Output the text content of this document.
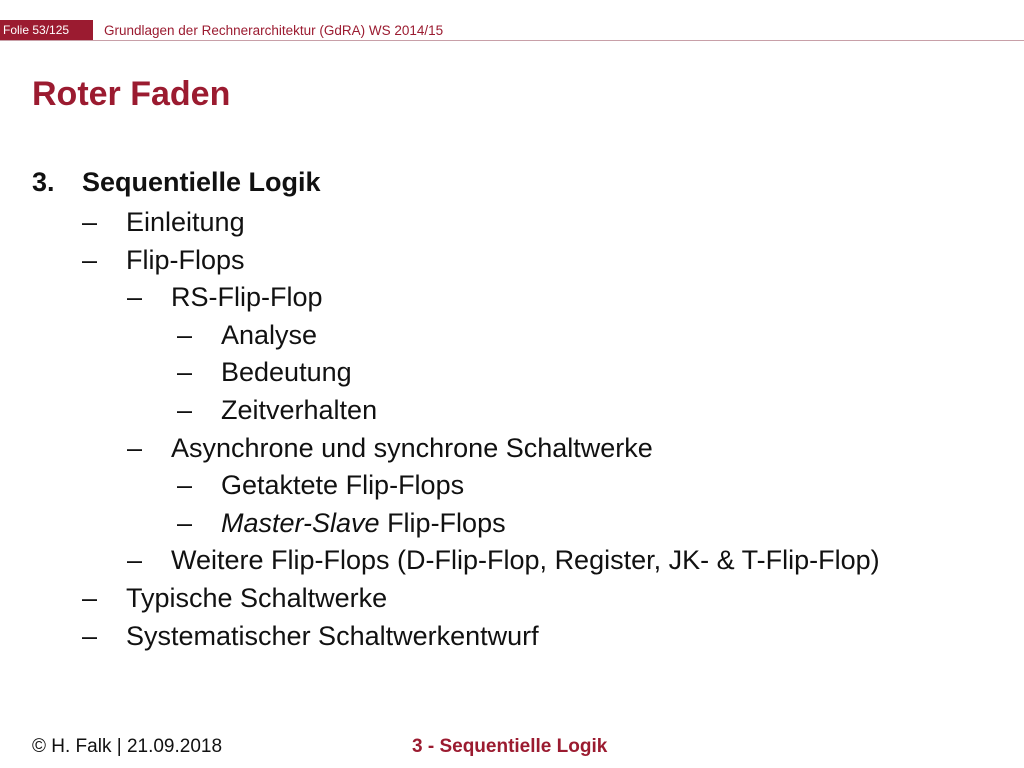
Folie 53/125	Grundlagen der Rechnerarchitektur (GdRA) WS 2014/15
Roter Faden
3. Sequentielle Logik
– Einleitung
– Flip-Flops
– RS-Flip-Flop
– Analyse
– Bedeutung
– Zeitverhalten
– Asynchrone und synchrone Schaltwerke
– Getaktete Flip-Flops
– Master-Slave Flip-Flops
– Weitere Flip-Flops (D-Flip-Flop, Register, JK- & T-Flip-Flop)
– Typische Schaltwerke
– Systematischer Schaltwerkentwurf
© H. Falk | 21.09.2018	3 - Sequentielle Logik
